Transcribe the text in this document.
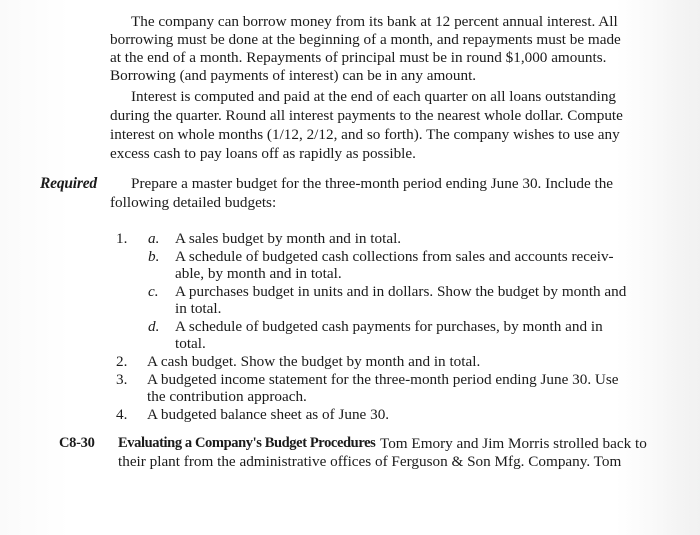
The company can borrow money from its bank at 12 percent annual interest. All
borrowing must be done at the beginning of a month, and repayments must be made
at the end of a month. Repayments of principal must be in round $1,000 amounts.
Borrowing (and payments of interest) can be in any amount.
Interest is computed and paid at the end of each quarter on all loans outstanding
during the quarter. Round all interest payments to the nearest whole dollar. Compute
interest on whole months (1/12, 2/12, and so forth). The company wishes to use any
excess cash to pay loans off as rapidly as possible.
Required Prepare a master budget for the three-month period ending June 30. Include the
following detailed budgets:
1. a. A sales budget by month and in total.
b. A schedule of budgeted cash collections from sales and accounts receiv-
able, by month and in total.
c. A purchases budget in units and in dollars. Show the budget by month and
in total.
d. A schedule of budgeted cash payments for purchases, by month and in
total.
2. A cash budget. Show the budget by month and in total.
3. A budgeted income statement for the three-month period ending June 30. Use
the contribution approach.
4. A budgeted balance sheet as of June 30.
C8-30 Evaluating a Company's Budget Procedures Tom Emory and Jim Morris strolled back to
their plant from the administrative offices of Ferguson & Son Mfg. Company. Tom
